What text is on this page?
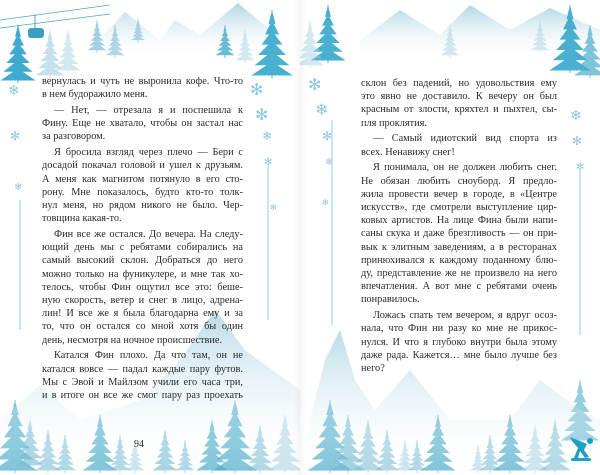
✻
✻
❄
✻
✻
❄
✻
❄
вернулась и чуть не выронила кофе. Что-то
в нем будоражило меня.
— Нет, — отрезала я и поспешила к
Фину. Еще не хватало, чтобы он застал нас
за разговором.
Я бросила взгляд через плечо — Бери с
досадой покачал головой и ушел к друзьям.
А меня как магнитом потянуло в его сто-
рону. Мне показалось, будто кто-то толк-
нул меня, но рядом никого не было. Чер-
товщина какая-то.
Фин все же остался. До вечера. На следу-
ющий день мы с ребятами собирались на
самый высокий склон. Добраться до него
можно только на фуникулере, и мне так хо-
телось, чтобы Фин ощутил все это: беше-
ную скорость, ветер и снег в лицо, адрена-
лин! И все же я была благодарна ему и за
то, что он остался со мной хотя бы один
день, несмотря на ночное происшествие.
Катался Фин плохо. Да что там, он не
катался вовсе — падал каждые пару футов.
Мы с Эвой и Майлзом учили его часа три,
и в итоге он все же смог пару раз проехать
94
✻
❄
✻
❄
✻
❄
✻
✻
склон без падений, но удовольствия ему
это явно не доставило. К вечеру он был
красным от злости, кряхтел и пыхтел, сы-
пля проклятия.
— Самый идиотский вид спорта из
всех. Ненавижу снег!
Я понимала, он не должен любить снег.
Не обязан любить сноуборд. Я предло-
жила провести вечер в городе, в «Центре
искусств», где смотрели выступление цир-
ковых артистов. На лице Фина были напи-
саны скука и даже брезгливость — он при-
вык к элитным заведениям, а в ресторанах
принюхивался к каждому поданному блю-
ду, представление же не произвело на него
впечатления. А вот мне с ребятами очень
понравилось.
Ложась спать тем вечером, я вдруг осоз-
нала, что Фин ни разу ко мне не прикос-
нулся. И что я глубоко внутри была этому
даже рада. Кажется… мне было лучше без
него?
